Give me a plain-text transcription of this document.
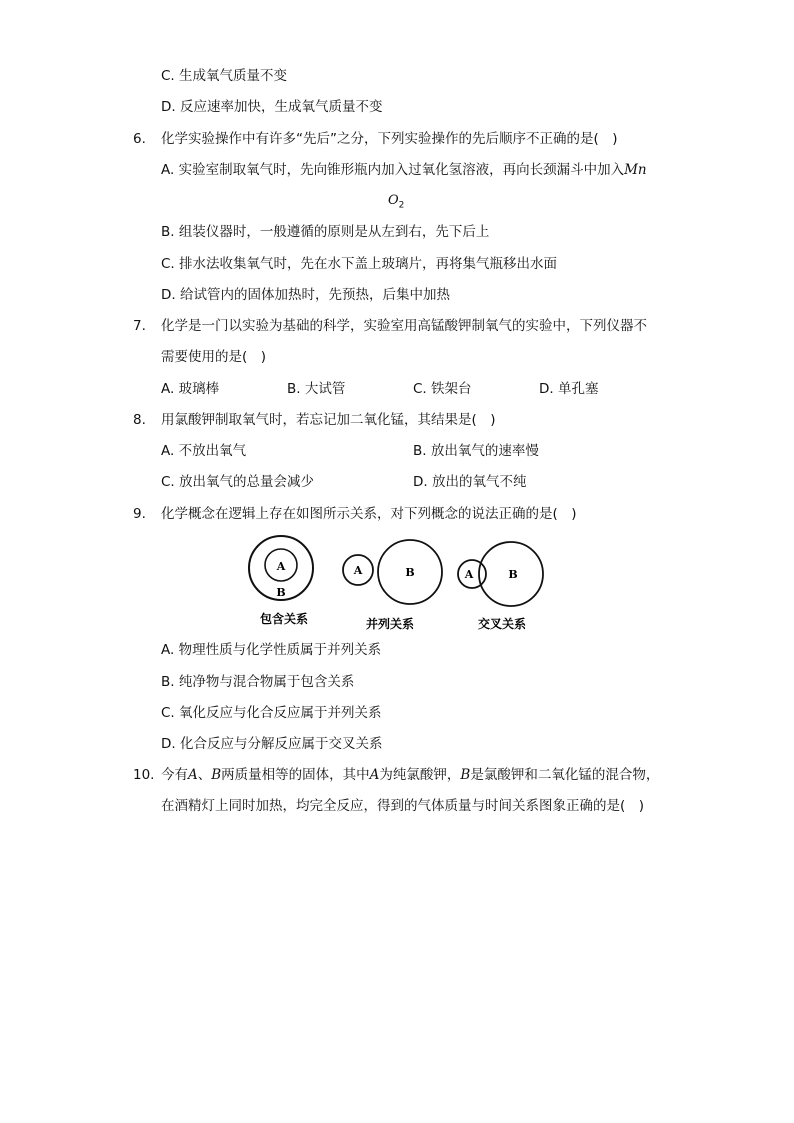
C. 生成氧气质量不变
D. 反应速率加快，生成氧气质量不变
6. 化学实验操作中有许多“先后”之分，下列实验操作的先后顺序不正确的是(　)
A. 实验室制取氧气时，先向锥形瓶内加入过氧化氢溶液，再向长颈漏斗中加入Mn
$O_2$
B. 组装仪器时，一般遵循的原则是从左到右，先下后上
C. 排水法收集氧气时，先在水下盖上玻璃片，再将集气瓶移出水面
D. 给试管内的固体加热时，先预热，后集中加热
7. 化学是一门以实验为基础的科学，实验室用高锰酸钾制氧气的实验中，下列仪器不
需要使用的是(　)
A. 玻璃棒	B. 大试管	C. 铁架台	D. 单孔塞
8. 用氯酸钾制取氧气时，若忘记加二氧化锰，其结果是(　)
A. 不放出氧气	B. 放出氧气的速率慢
C. 放出氧气的总量会减少	D. 放出的氧气不纯
9. 化学概念在逻辑上存在如图所示关系，对下列概念的说法正确的是(　)
A
B
包含关系
A	B
并列关系
A	B
交叉关系
A. 物理性质与化学性质属于并列关系
B. 纯净物与混合物属于包含关系
C. 氧化反应与化合反应属于并列关系
D. 化合反应与分解反应属于交叉关系
10. 今有A、B两质量相等的固体，其中A为纯氯酸钾，B是氯酸钾和二氧化锰的混合物，
在酒精灯上同时加热，均完全反应，得到的气体质量与时间关系图象正确的是(　)
